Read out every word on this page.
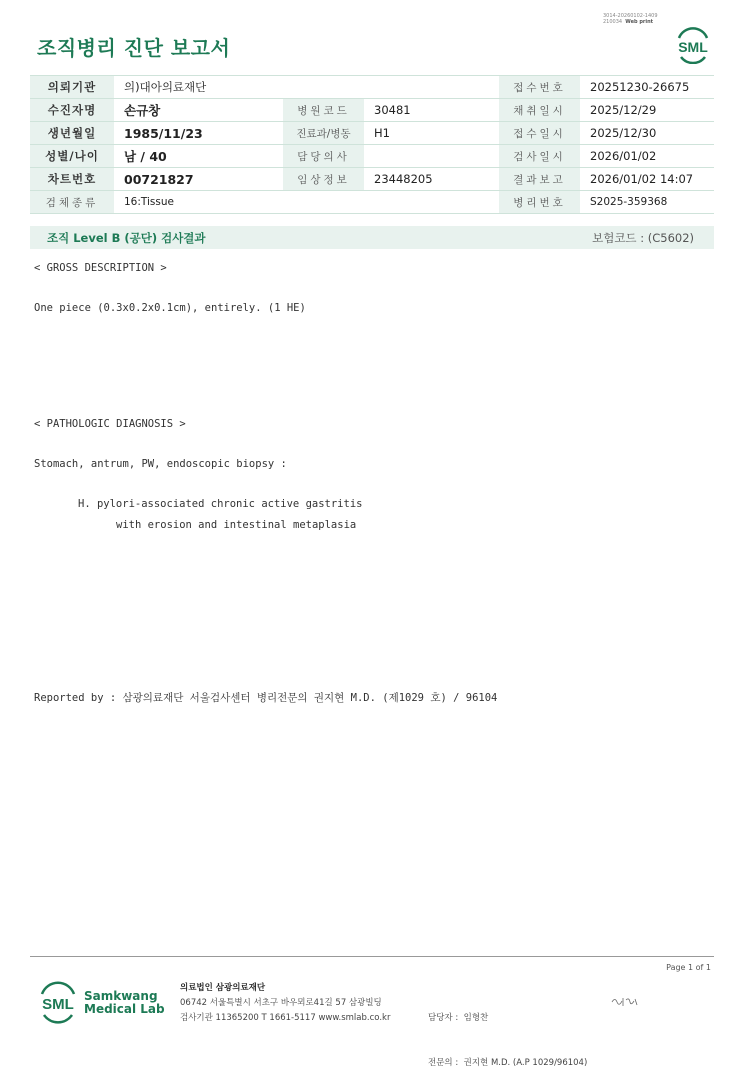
3014-20260102-1409
210034 Web print
조직병리 진단 보고서	SML
의뢰기관	의)대아의료재단			접수번호	20251230-26675
수진자명	손규창	병원코드	30481	채취일시	2025/12/29
생년월일	1985/11/23	진료과/병동	H1	접수일시	2025/12/30
성별/나이	남 / 40	담당의사		검사일시	2026/01/02
차트번호	00721827	임상정보	23448205	결과보고	2026/01/02 14:07
검체종류	16:Tissue			병리번호	S2025-359368
조직 Level B (공단) 검사결과	보험코드 : (C5602)
< GROSS DESCRIPTION >
One piece (0.3x0.2x0.1cm), entirely. (1 HE)
< PATHOLOGIC DIAGNOSIS >
Stomach, antrum, PW, endoscopic biopsy :
H. pylori-associated chronic active gastritis
with erosion and intestinal metaplasia
Reported by : 삼광의료재단 서울검사센터 병리전문의 권지현 M.D. (제1029 호) / 96104
Page 1 of 1
SML Samkwang
Medical Lab
의료법인 삼광의료재단
06742 서울특별시 서초구 바우뫼로41길 57 삼광빌딩
검사기관 11365200 T 1661-5117 www.smlab.co.kr

	담당자 :  임형찬

전문의 :  권지현 M.D. (A.P 1029/96104)
